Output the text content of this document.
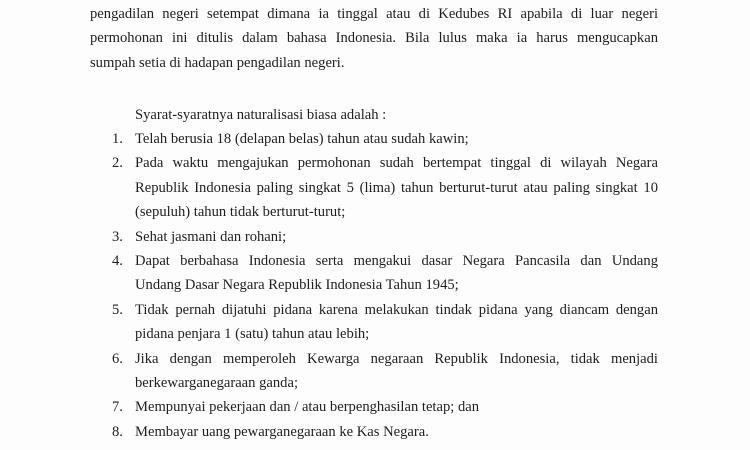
pengadilan negeri setempat dimana ia tinggal atau di Kedubes RI apabila di luar negeri
permohonan ini ditulis dalam bahasa Indonesia. Bila lulus maka ia harus mengucapkan
sumpah setia di hadapan pengadilan negeri.

Syarat-syaratnya naturalisasi biasa adalah :

1. Telah berusia 18 (delapan belas) tahun atau sudah kawin;
2. Pada waktu mengajukan permohonan sudah bertempat tinggal di wilayah Negara
Republik Indonesia paling singkat 5 (lima) tahun berturut-turut atau paling singkat 10
(sepuluh) tahun tidak berturut-turut;
3. Sehat jasmani dan rohani;
4. Dapat berbahasa Indonesia serta mengakui dasar Negara Pancasila dan Undang
Undang Dasar Negara Republik Indonesia Tahun 1945;
5. Tidak pernah dijatuhi pidana karena melakukan tindak pidana yang diancam dengan
pidana penjara 1 (satu) tahun atau lebih;
6. Jika dengan memperoleh Kewarga negaraan Republik Indonesia, tidak menjadi
berkewarganegaraan ganda;
7. Mempunyai pekerjaan dan / atau berpenghasilan tetap; dan
8. Membayar uang pewarganegaraan ke Kas Negara.
